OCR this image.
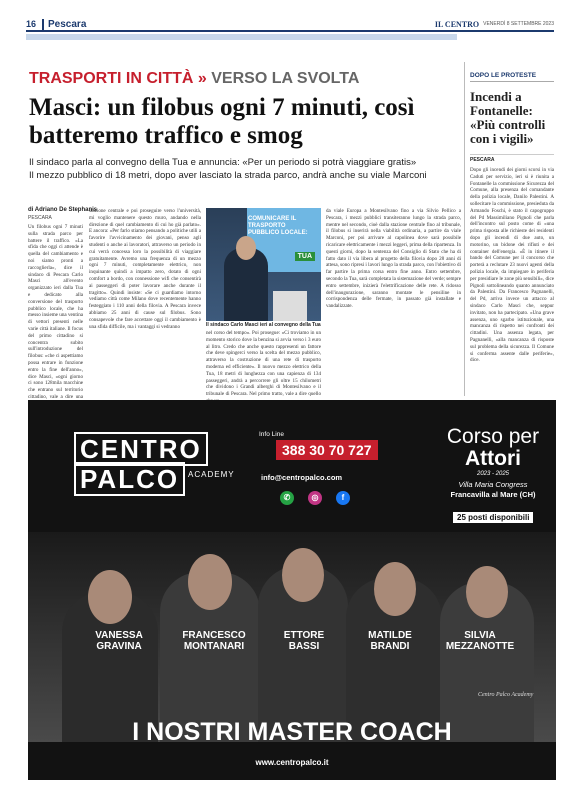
16	Pescara	IL CENTRO VENERDÌ 8 SETTEMBRE 2023
TRASPORTI IN CITTÀ » VERSO LA SVOLTA
Masci: un filobus ogni 7 minuti, così batteremo traffico e smog
Il sindaco parla al convegno della Tua e annuncia: «Per un periodo si potrà viaggiare gratis»
Il mezzo pubblico di 18 metri, dopo aver lasciato la strada parco, andrà anche su viale Marconi
di Adriano De Stephanis
PESCARA
Un filobus ogni 7 minuti sulla strada parco per battere il traffico. «La sfida che oggi ci attende è quella del cambiamento e noi siamo pronti a raccoglierla», dice il sindaco di Pescara Carlo Masci all'evento organizzato ieri dalla Tua e dedicato alla conversione del trasporto pubblico locale, che ha messo insieme una ventina di vettori presenti nelle varie città italiane. Il focus del primo cittadino si concentra subito sull'introduzione del filobus: «che ci aspettiamo possa entrare in funzione entro la fine dell'anno», dice Masci, «ogni giorno ci sono 128mila macchine che entrano sul territorio cittadino, vale a dire una
stazione centrale e poi proseguire verso l'università, mi voglio mantenere questo muro, andando nella direzione di quel cambiamento di cui ho già parlato». E ancora: «Per farlo stiamo pensando a politiche utili a favorire l'avvicinamento dei giovani, penso agli studenti o anche ai lavoratori, attraverso un periodo in cui verrà concessa loro la possibilità di viaggiare gratuitamente. Avremo una frequenza di un mezzo ogni 7 minuti, completamente elettrico, non inquinante quindi a impatto zero, dotato di ogni comfort a bordo, con connessione wifi che consentirà ai passeggeri di poter lavorare anche durante il tragitto». Quindi insiste: «Se ci guardiamo intorno vediamo città come Milano dove recentemente hanno festeggiato i 110 anni della filovia. A Pescara invece abbiamo 25 anni di cause sul filobus. Sono consapevole che fare accettare oggi il cambiamento è una sfida difficile, ma i vantaggi si vedranno
nel corso del tempo». Poi prosegue: «Ci troviamo in un momento storico dove la benzina si avvia verso i 3 euro al litro. Credo che anche questo rappresenti un fattore che deve spingerci verso la scelta del mezzo pubblico, attraverso la costruzione di una rete di trasporto moderna ed efficiente». Il nuovo mezzo elettrico della Tua, 18 metri di lunghezza con una capienza di 134 passeggeri, andrà a percorrere gli oltre 15 chilometri che dividono i Grandi alberghi di Montesilvano e il tribunale di Pescara. Nel primo tratto, vale a dire quello
da viale Europa a Montesilvano fino a via Silvio Pellico a Pescara, i mezzi pubblici transiteranno lungo la strada parco, mentre nel secondo, cioè dalla stazione centrale fino al tribunale, il filobus si inserirà nella viabilità ordinaria, a partire da viale Marconi, per poi arrivare al capolinea dove sarà possibile ricaricare elettricamente i mezzi leggeri, prima della ripartenza. In questi giorni, dopo la sentenza del Consiglio di Stato che ha di fatto dato il via libera al progetto della filovia dopo 28 anni di attesa, sono ripresi i lavori lungo la strada parco, con l'obiettivo di far partire la prima corsa entro fine anno. Entro settembre, secondo la Tua, sarà completata la sistemazione del verde; sempre entro settembre, inizierà l'elettrificazione delle rete. A ridosso dell'inaugurazione, saranno montate le pensiline in corrispondenza delle fermate, in passato già installate e vandalizzate.
COMUNICARE IL TRASPORTO PUBBLICO LOCALE:
TUA
Il sindaco Carlo Masci ieri al convegno della Tua
DOPO LE PROTESTE
Incendi a Fontanelle: «Più controlli con i vigili»
PESCARA
Dopo gli incendi dei giorni scorsi in via Caduti per servizio, ieri si è riunita a Fontanelle la commissione Sicurezza del Comune, alla presenza del comandante della polizia locale, Danilo Palestini. A sollecitare la commissione, presieduta da Armando Foschi, è stato il capogruppo del Pd Massimiliano Pignoli che parla dell'incontro sul posto come di «una prima risposta alle richieste dei residenti dopo gli incendi di due auto, un motorino, un bidone dei rifiuti e dei container dell'energia. «È in itinere il bando del Comune per il concorso che porterà a reclutare 23 nuovi agenti della polizia locale, da impiegare in periferia per presidiare le zone più sensibili», dice Pignoli sottolineando quanto annunciato da Palestini. Da Francesco Pagnanelli, del Pd, arriva invece un attacco al sindaco Carlo Masci che, seppur invitato, non ha partecipato. «Una grave assenza, uno sgarbo istituzionale, una mancanza di rispetto nei confronti dei cittadini. Una assenza legata, per Pagnanelli, «alla mancanza di risposte sul problema della sicurezza. Il Comune si conferma assente dalle periferie», dice.
CENTRO
PALCO	ACADEMY
Info Line
388 30 70 727
info@centropalco.com
✆	◎	f
Corso per
Attori
2023 - 2025
Villa Maria Congress
Francavilla al Mare (CH)
25 posti disponibili
VANESSA
GRAVINA
FRANCESCO
MONTANARI
ETTORE
BASSI
MATILDE
BRANDI
SILVIA
MEZZANOTTE
Centro Palco Academy
I NOSTRI MASTER COACH
www.centropalco.it
